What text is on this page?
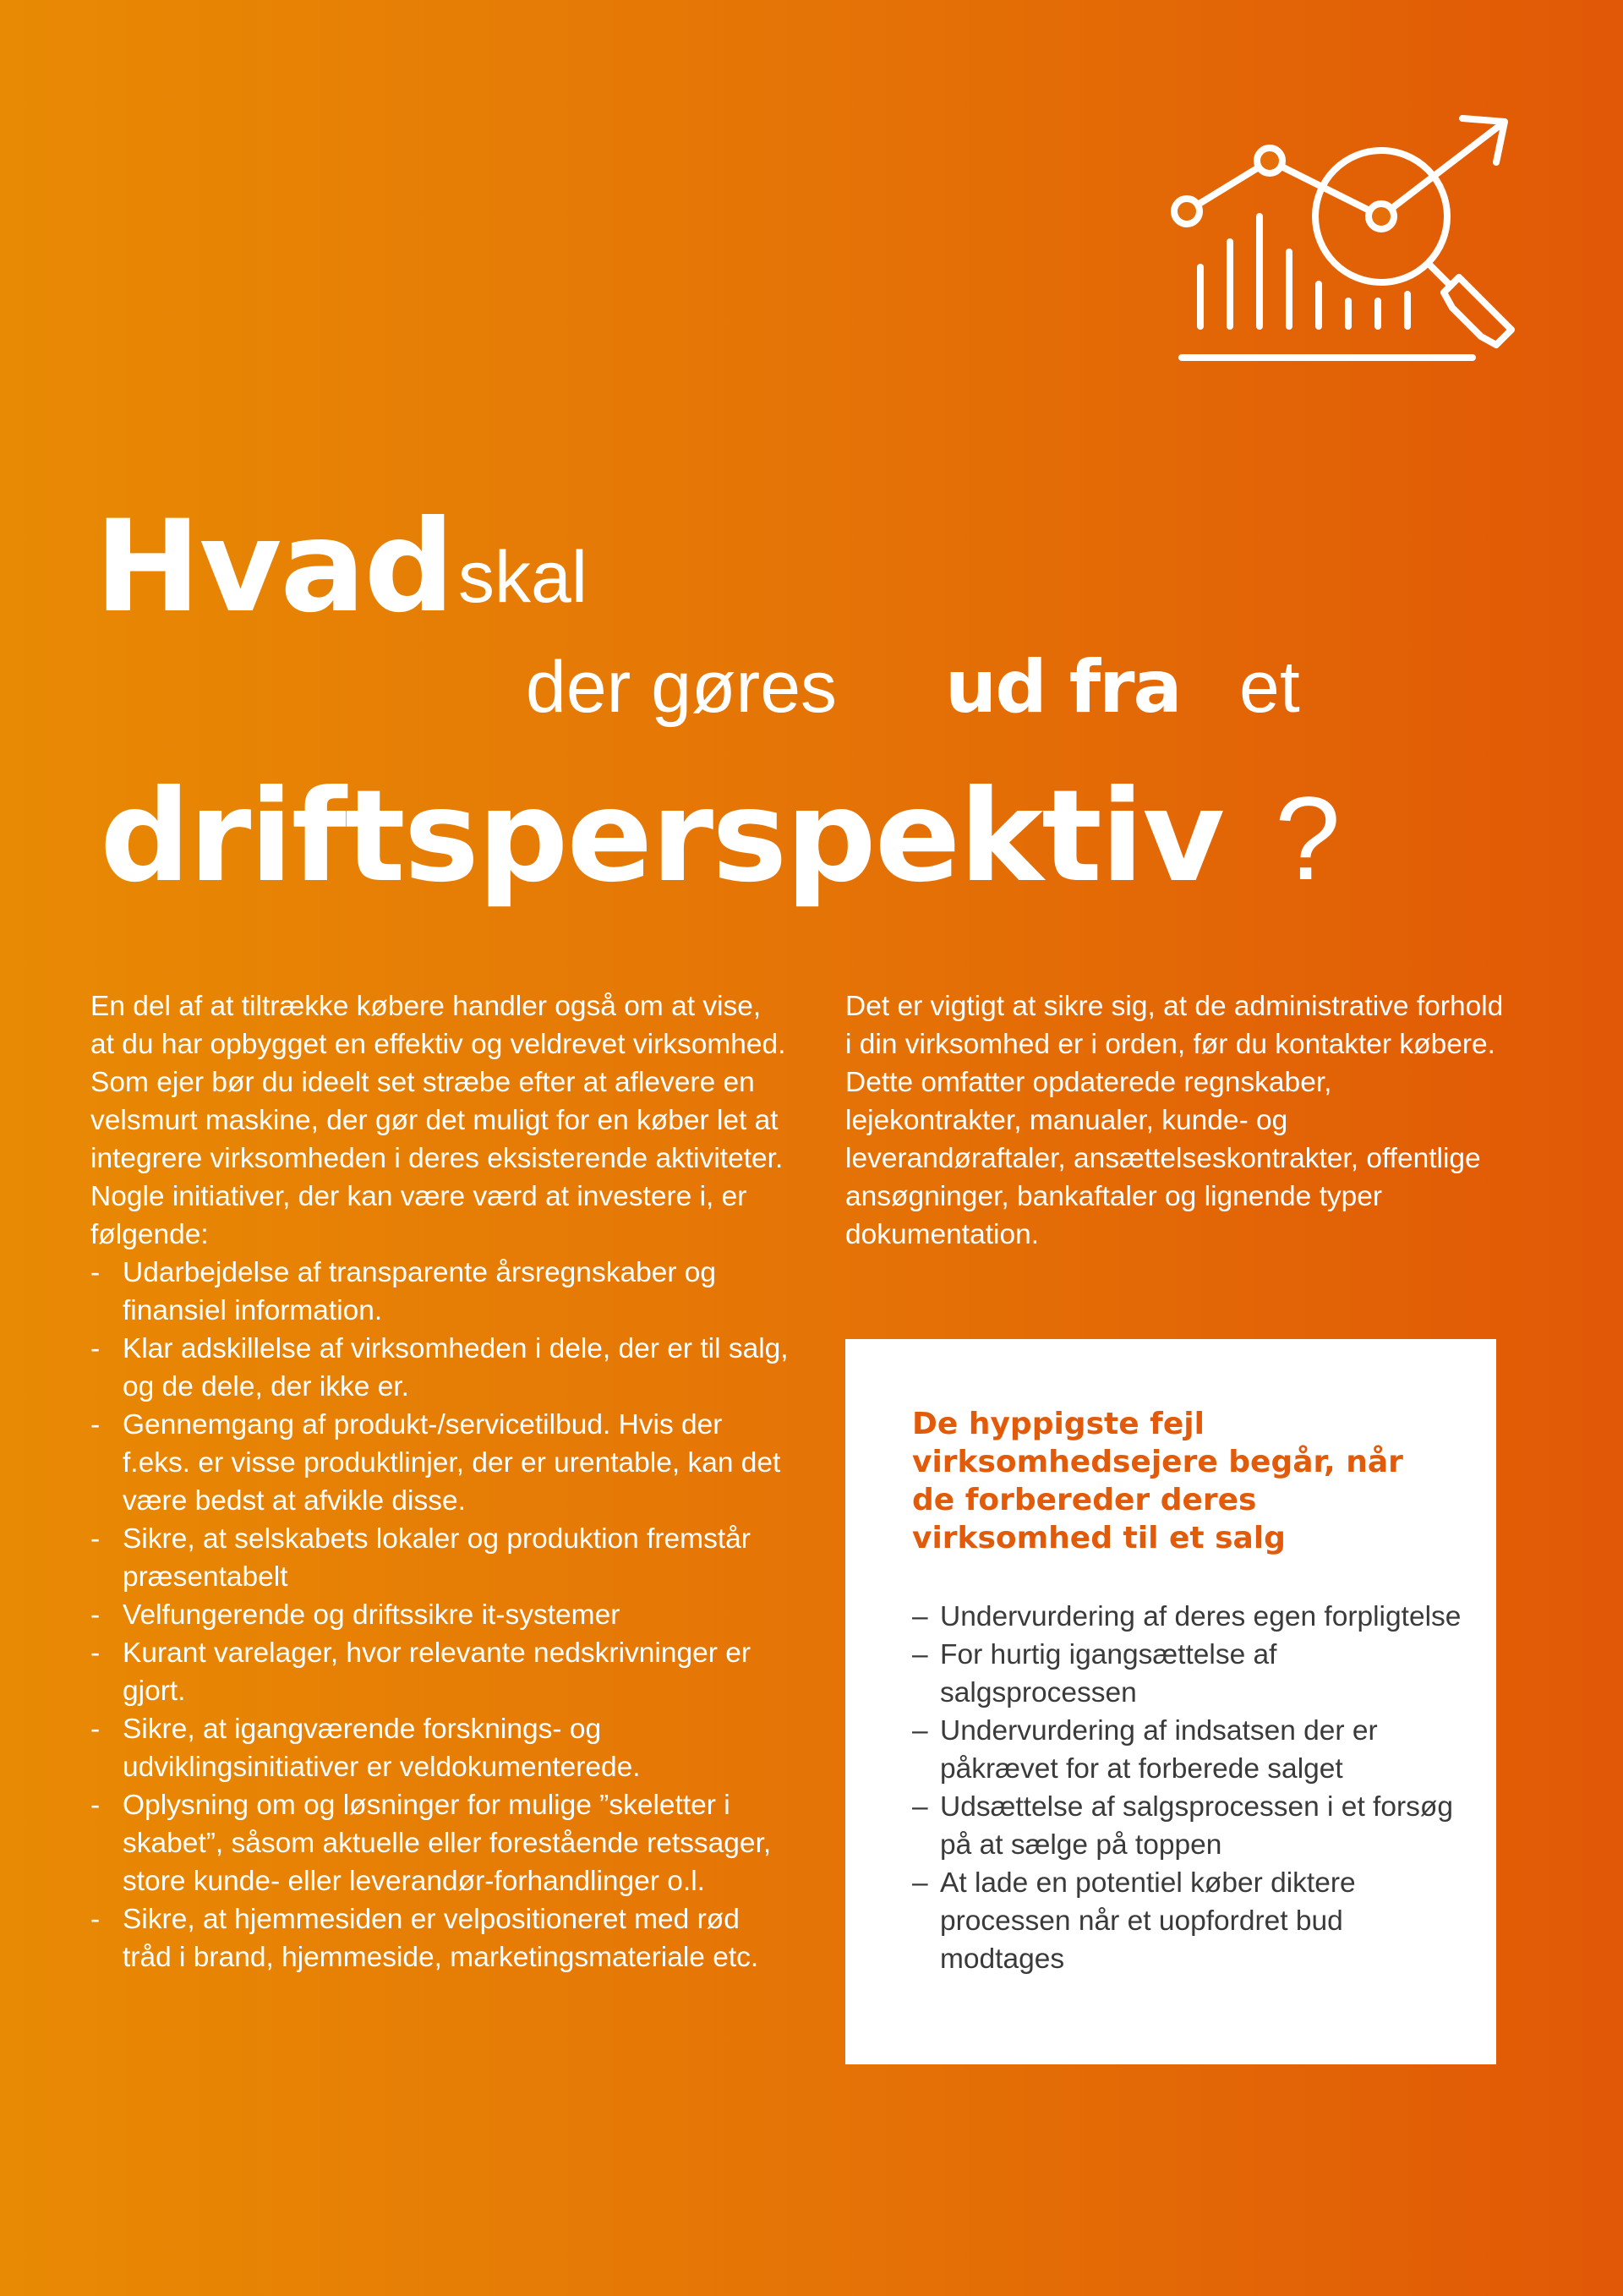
Hvad skal
der gøres ud fra et
driftsperspektiv ?

En del af at tiltrække købere handler også om at vise, at du har opbygget en effektiv og veldrevet virksomhed. Som ejer bør du ideelt set stræbe efter at aflevere en velsmurt maskine, der gør det muligt for en køber let at integrere virksomheden i deres eksisterende aktiviteter. Nogle initiativer, der kan være værd at investere i, er følgende:

- Udarbejdelse af transparente årsregnskaber og finansiel information.
- Klar adskillelse af virksomheden i dele, der er til salg, og de dele, der ikke er.
- Gennemgang af produkt-/servicetilbud. Hvis der f.eks. er visse produktlinjer, der er urentable, kan det være bedst at afvikle disse.
- Sikre, at selskabets lokaler og produktion fremstår præsentabelt
- Velfungerende og driftssikre it-systemer
- Kurant varelager, hvor relevante nedskrivninger er gjort.
- Sikre, at igangværende forsknings- og udviklingsinitiativer er veldokumenterede.
- Oplysning om og løsninger for mulige ”skeletter i skabet”, såsom aktuelle eller forestående retssager, store kunde- eller leverandør-forhandlinger o.l.
- Sikre, at hjemmesiden er velpositioneret med rød tråd i brand, hjemmeside, marketingsmateriale etc.

Det er vigtigt at sikre sig, at de administrative forhold i din virksomhed er i orden, før du kontakter købere. Dette omfatter opdaterede regnskaber, lejekontrakter, manualer, kunde- og leverandøraftaler, ansættelseskontrakter, offentlige ansøgninger, bankaftaler og lignende typer dokumentation.

De hyppigste fejl virksomhedsejere begår, når de forbereder deres virksomhed til et salg
– Undervurdering af deres egen forpligtelse
– For hurtig igangsættelse af salgsprocessen
– Undervurdering af indsatsen der er påkrævet for at forberede salget
– Udsættelse af salgsprocessen i et forsøg på at sælge på toppen
– At lade en potentiel køber diktere processen når et uopfordret bud modtages
